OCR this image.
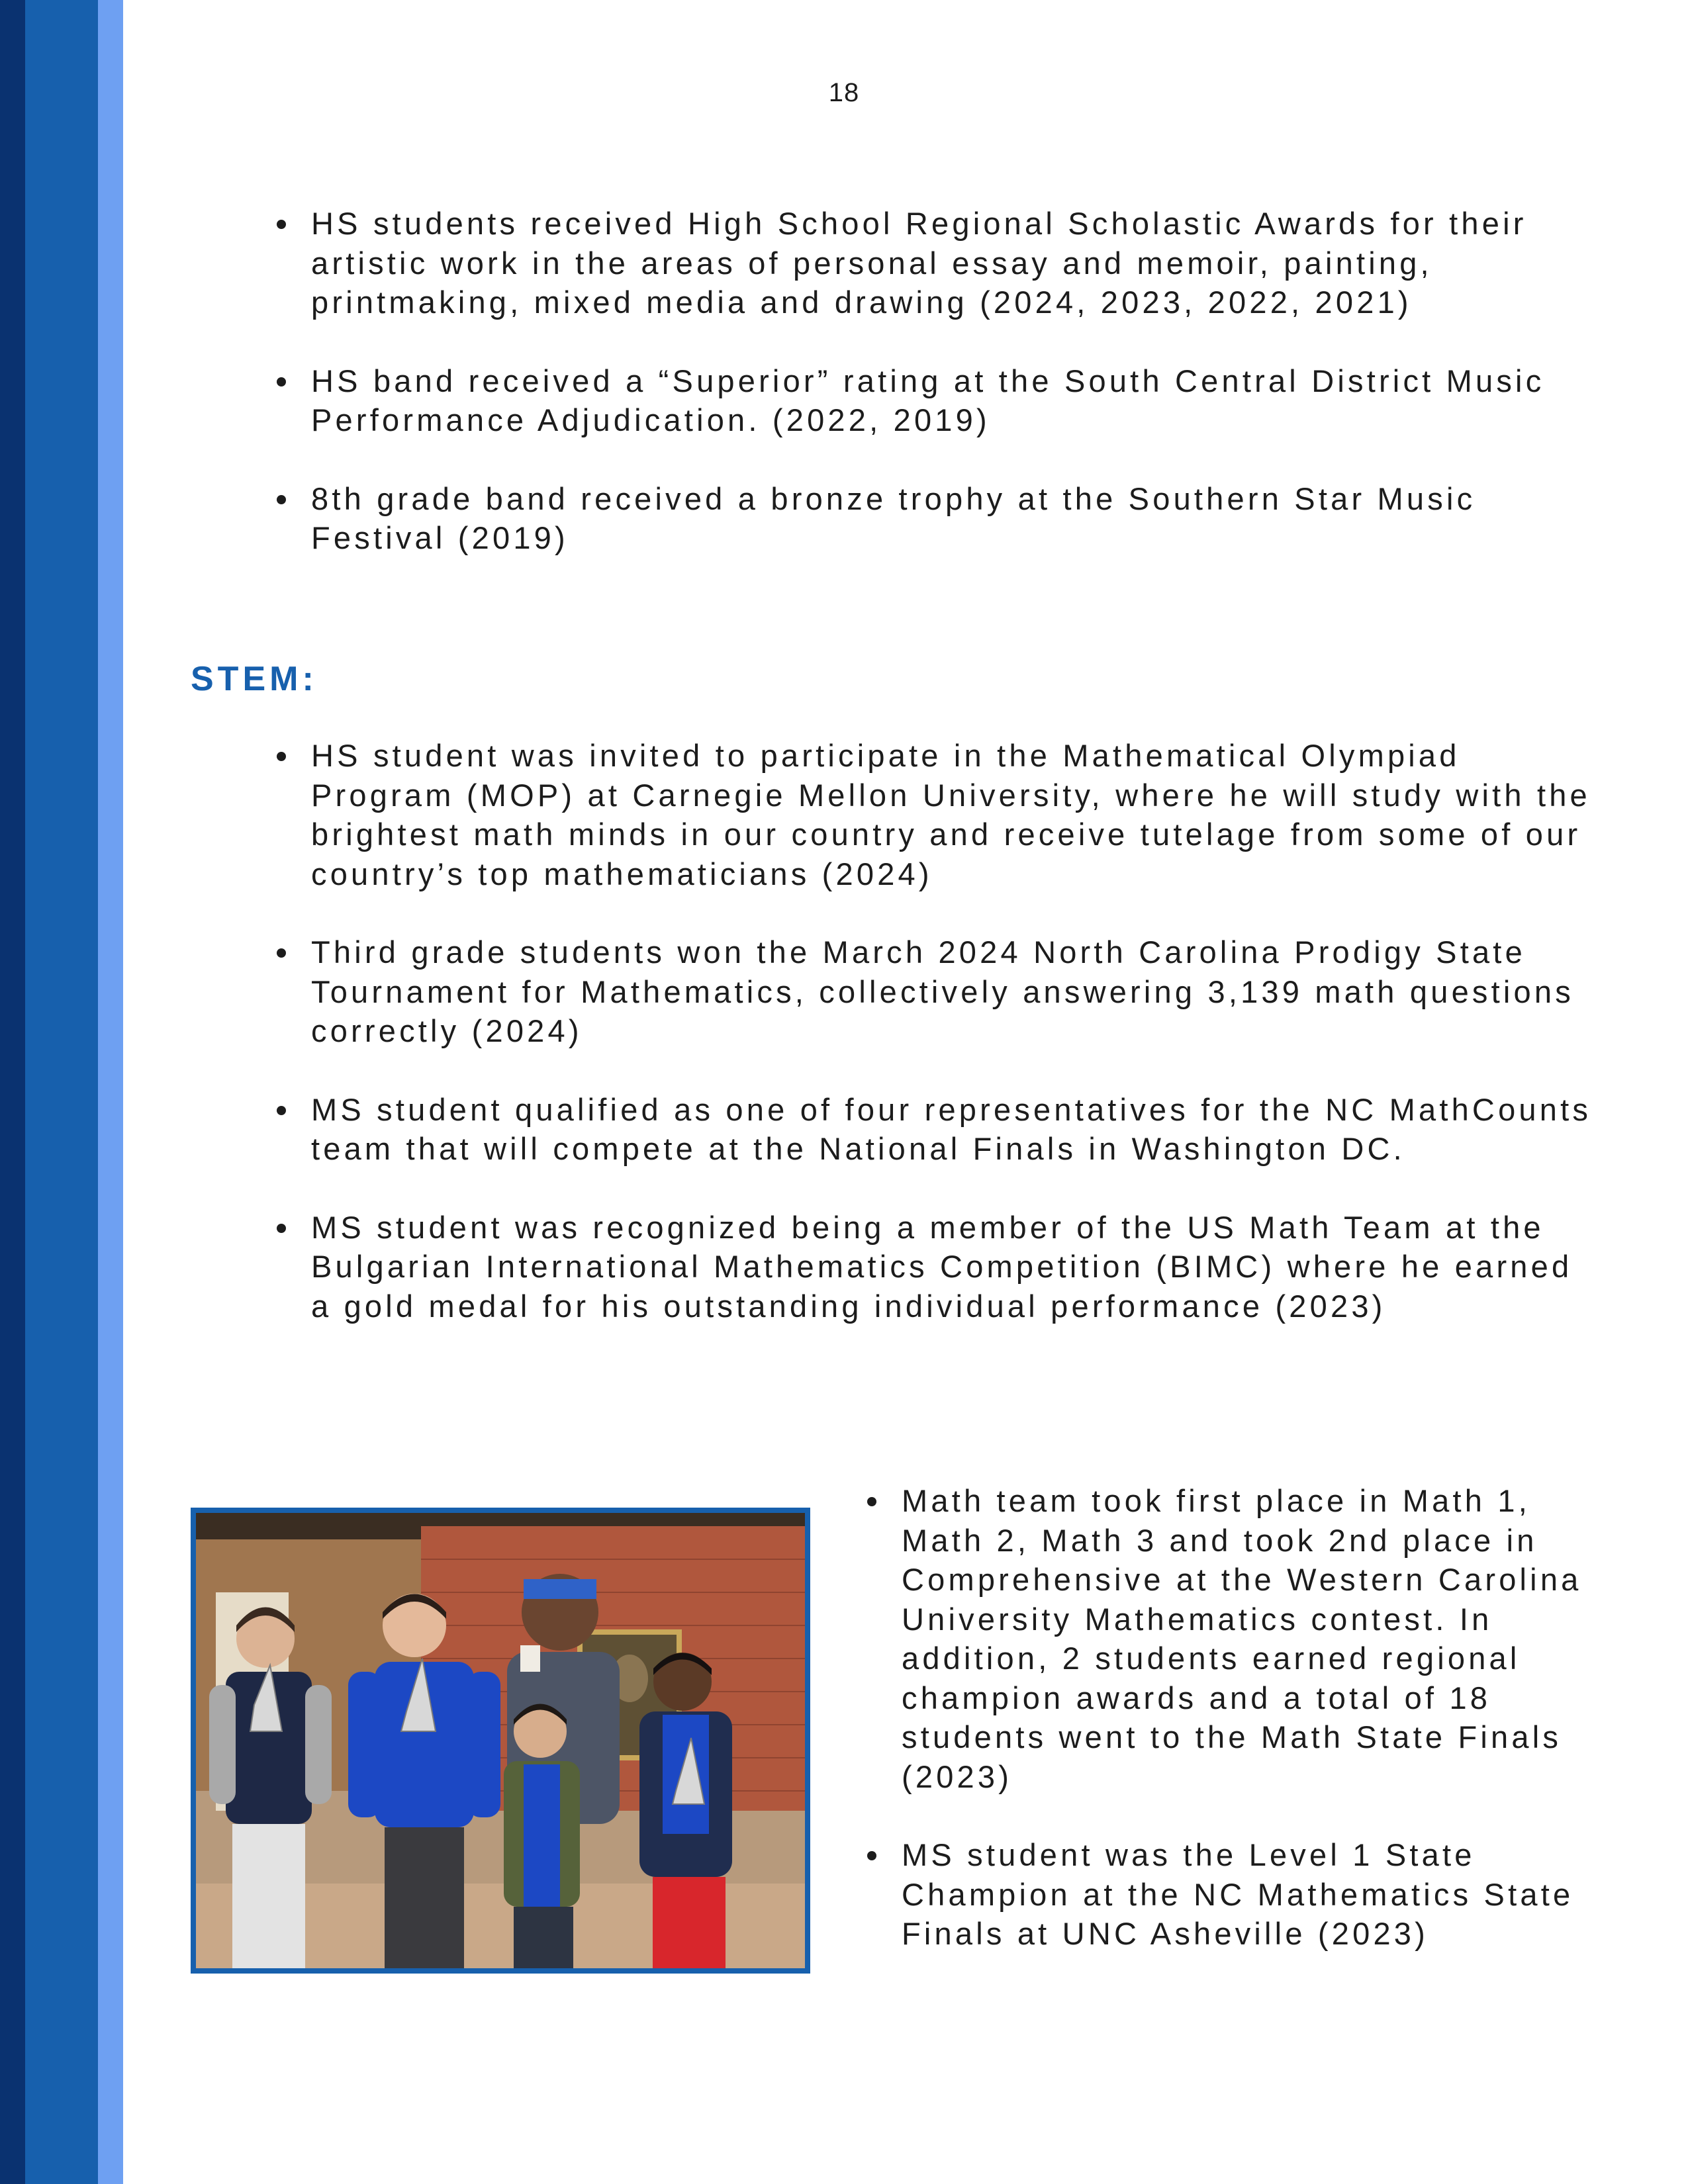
18
HS students received High School Regional Scholastic Awards for their artistic work in the areas of personal essay and memoir, painting, printmaking, mixed media and drawing (2024, 2023, 2022, 2021)
HS band received a “Superior” rating at the South Central District Music Performance Adjudication. (2022, 2019)
8th grade band received a bronze trophy at the Southern Star Music Festival (2019)
STEM:
HS student was invited to participate in the Mathematical Olympiad Program (MOP) at Carnegie Mellon University, where he will study with the brightest math minds in our country and receive tutelage from some of our country’s top mathematicians (2024)
Third grade students won the March 2024 North Carolina Prodigy State Tournament for Mathematics, collectively answering 3,139 math questions correctly (2024)
MS student qualified as one of four representatives for the NC MathCounts team that will compete at the National Finals in Washington DC.
MS student was recognized being a member of the US Math Team at the Bulgarian International Mathematics Competition (BIMC) where he earned a gold medal for his outstanding individual performance (2023)
Math team took first place in Math 1, Math 2, Math 3 and took 2nd place in Comprehensive at the Western Carolina University Mathematics contest. In addition, 2 students earned regional champion awards and a total of 18 students went to the Math State Finals (2023)
MS student was the Level 1 State Champion at the NC Mathematics State Finals at UNC Asheville (2023)
